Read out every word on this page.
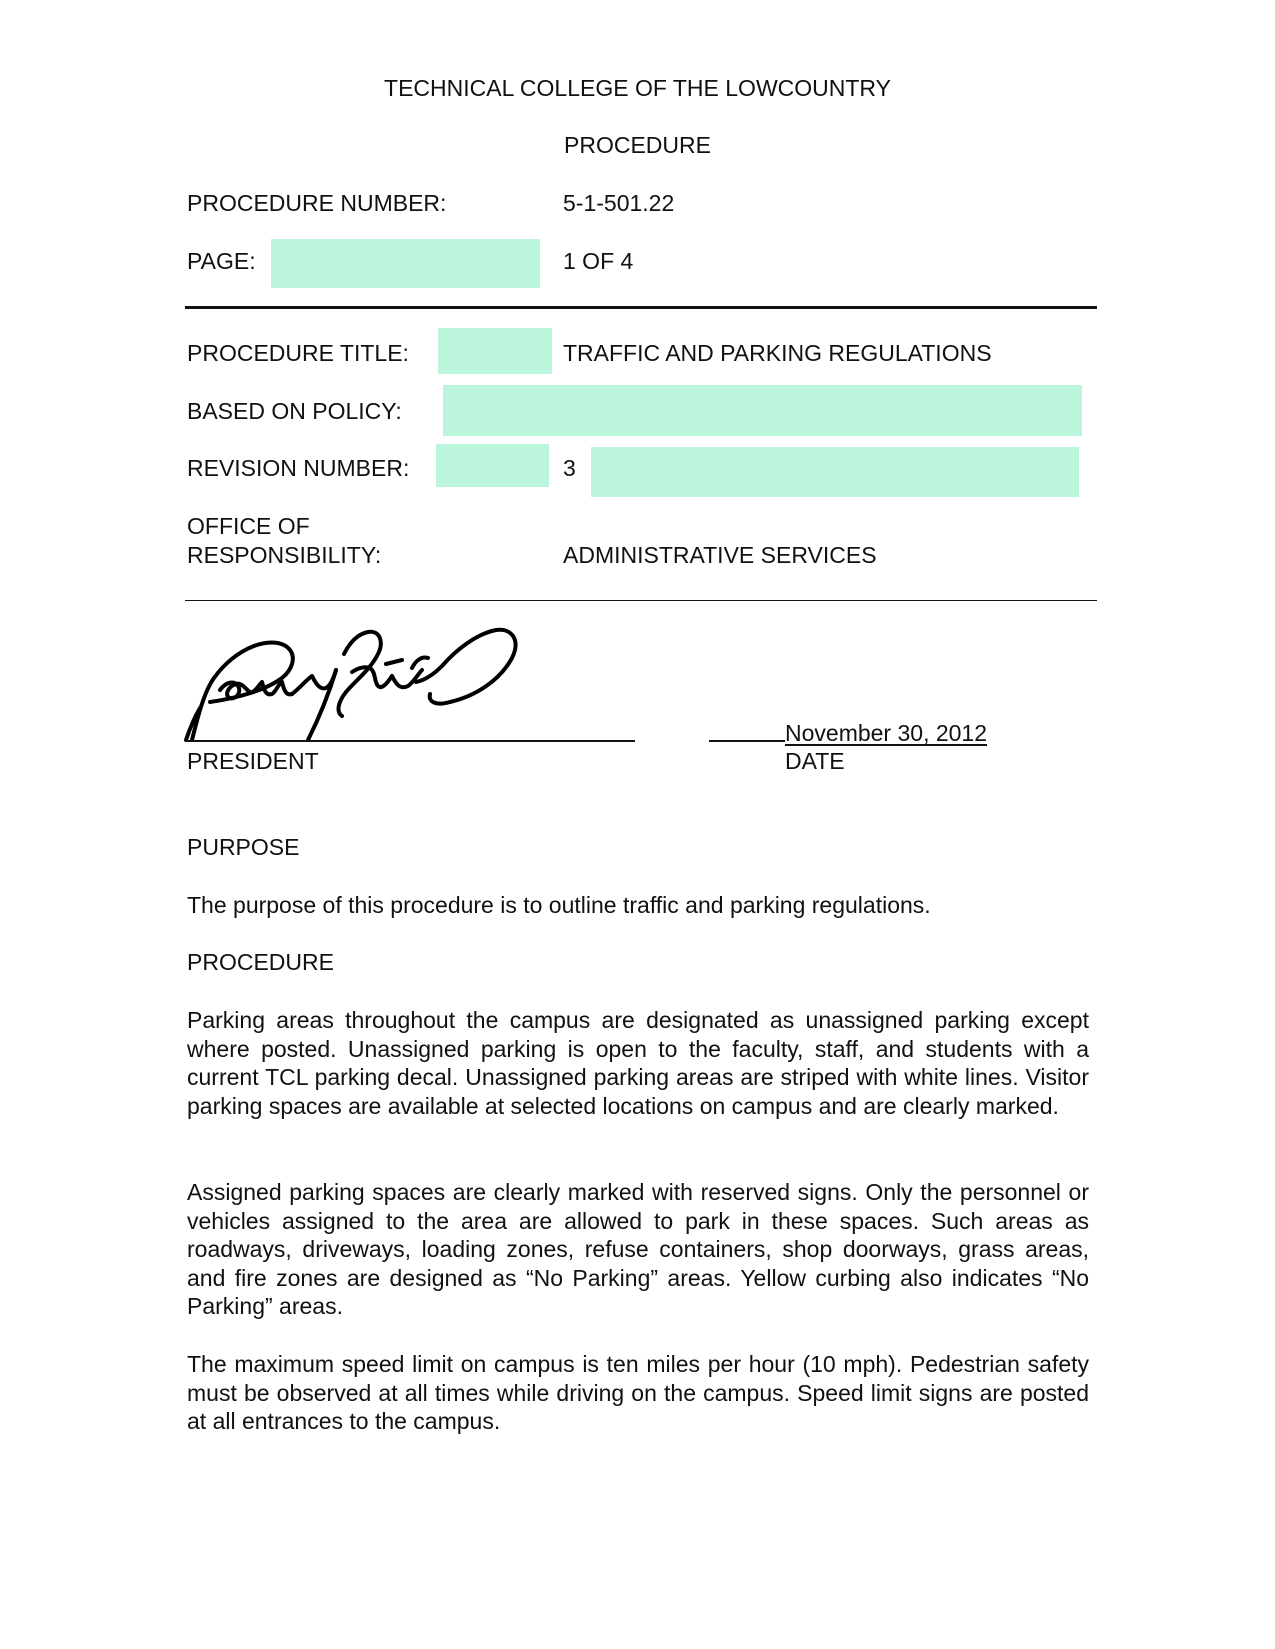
TECHNICAL COLLEGE OF THE LOWCOUNTRY
PROCEDURE
PROCEDURE NUMBER:	5-1-501.22
PAGE:	1 OF 4
PROCEDURE TITLE:	TRAFFIC AND PARKING REGULATIONS
BASED ON POLICY:
REVISION NUMBER:	3
OFFICE OF
RESPONSIBILITY:	ADMINISTRATIVE SERVICES
PRESIDENT
November 30, 2012
DATE
PURPOSE
The purpose of this procedure is to outline traffic and parking regulations.
PROCEDURE

Parking areas throughout the campus are designated as unassigned parking except where posted. Unassigned parking is open to the faculty, staff, and students with a current TCL parking decal. Unassigned parking areas are striped with white lines. Visitor parking spaces are available at selected locations on campus and are clearly marked.

Assigned parking spaces are clearly marked with reserved signs. Only the personnel or vehicles assigned to the area are allowed to park in these spaces. Such areas as roadways, driveways, loading zones, refuse containers, shop doorways, grass areas, and fire zones are designed as “No Parking” areas. Yellow curbing also indicates “No Parking” areas.

The maximum speed limit on campus is ten miles per hour (10 mph). Pedestrian safety must be observed at all times while driving on the campus. Speed limit signs are posted at all entrances to the campus.
